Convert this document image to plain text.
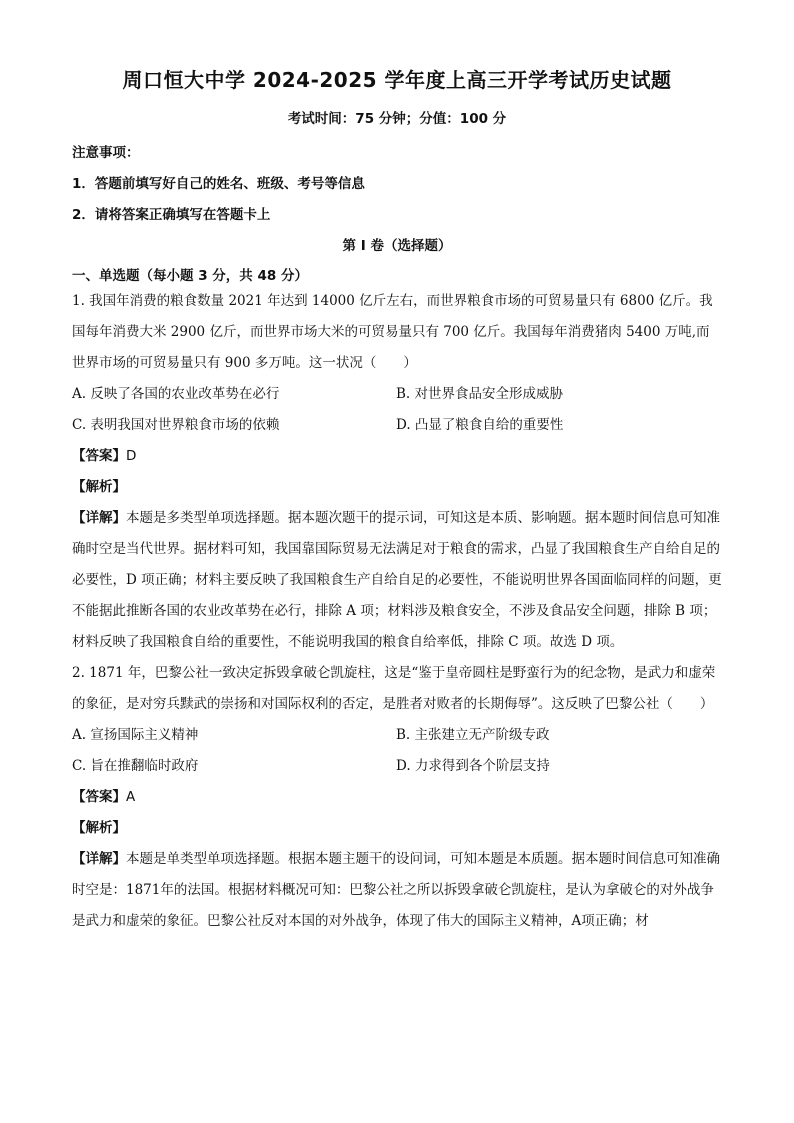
周口恒大中学 2024-2025 学年度上高三开学考试历史试题
考试时间：75 分钟；分值：100 分
注意事项：
1．答题前填写好自己的姓名、班级、考号等信息
2．请将答案正确填写在答题卡上
第 I 卷（选择题）
一、单选题（每小题 3 分，共 48 分）
1. 我国年消费的粮食数量 2021 年达到 14000 亿斤左右，而世界粮食市场的可贸易量只有 6800 亿斤。我国每年消费大米 2900 亿斤，而世界市场大米的可贸易量只有 700 亿斤。我国每年消费猪肉 5400 万吨,而世界市场的可贸易量只有 900 多万吨。这一状况（　　）
A. 反映了各国的农业改革势在必行	B. 对世界食品安全形成威胁
C. 表明我国对世界粮食市场的依赖	D. 凸显了粮食自给的重要性
【答案】D
【解析】
【详解】本题是多类型单项选择题。据本题次题干的提示词，可知这是本质、影响题。据本题时间信息可知准确时空是当代世界。据材料可知，我国靠国际贸易无法满足对于粮食的需求，凸显了我国粮食生产自给自足的必要性，D 项正确；材料主要反映了我国粮食生产自给自足的必要性，不能说明世界各国面临同样的问题，更不能据此推断各国的农业改革势在必行，排除 A 项；材料涉及粮食安全，不涉及食品安全问题，排除 B 项；材料反映了我国粮食自给的重要性，不能说明我国的粮食自给率低，排除 C 项。故选 D 项。
2. 1871 年，巴黎公社一致决定拆毁拿破仑凯旋柱，这是“鉴于皇帝圆柱是野蛮行为的纪念物，是武力和虚荣的象征，是对穷兵黩武的崇扬和对国际权利的否定，是胜者对败者的长期侮辱”。这反映了巴黎公社（　　）
A. 宣扬国际主义精神	B. 主张建立无产阶级专政
C. 旨在推翻临时政府	D. 力求得到各个阶层支持
【答案】A
【解析】
【详解】本题是单类型单项选择题。根据本题主题干的设问词，可知本题是本质题。据本题时间信息可知准确时空是：1871年的法国。根据材料概况可知：巴黎公社之所以拆毁拿破仑凯旋柱，是认为拿破仑的对外战争是武力和虚荣的象征。巴黎公社反对本国的对外战争，体现了伟大的国际主义精神，A项正确；材
